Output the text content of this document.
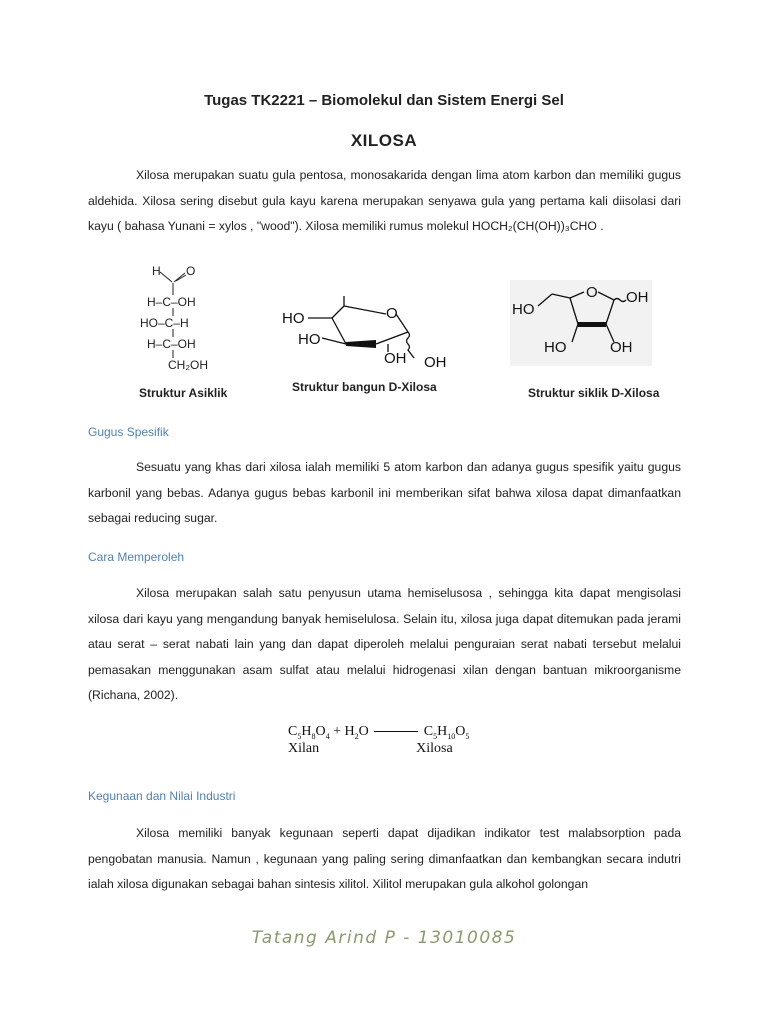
Tugas TK2221 – Biomolekul dan Sistem Energi Sel
XILOSA
Xilosa merupakan suatu gula pentosa, monosakarida dengan lima atom karbon dan memiliki gugus aldehida. Xilosa sering disebut gula kayu karena merupakan senyawa gula yang pertama kali diisolasi dari kayu ( bahasa Yunani = xylos , "wood"). Xilosa memiliki rumus molekul HOCH₂(CH(OH))₃CHO .
H O
H–C–OH
HO–C–H
H–C–OH
CH₂OH
Struktur Asiklik
HO
HO
O
OH OH
Struktur bangun D-Xilosa
HO
O OH
HO	OH
Struktur siklik D-Xilosa
Gugus Spesifik
Sesuatu yang khas dari xilosa ialah memiliki 5 atom karbon dan adanya gugus spesifik yaitu gugus karbonil yang bebas. Adanya gugus bebas karbonil ini memberikan sifat bahwa xilosa dapat dimanfaatkan sebagai reducing sugar.
Cara Memperoleh
Xilosa merupakan salah satu penyusun utama hemiselusosa , sehingga kita dapat mengisolasi xilosa dari kayu yang mengandung banyak hemiselulosa. Selain itu, xilosa juga dapat ditemukan pada jerami atau serat – serat nabati lain yang dan dapat diperoleh melalui penguraian serat nabati tersebut melalui pemasakan menggunakan asam sulfat atau melalui hidrogenasi xilan dengan bantuan mikroorganisme (Richana, 2002).
$C_5H_8O_4 + H_2O$	$C_5H_{10}O_5$
Xilan	Xilosa
Kegunaan dan Nilai Industri
Xilosa memiliki banyak kegunaan seperti dapat dijadikan indikator test malabsorption pada pengobatan manusia. Namun , kegunaan yang paling sering dimanfaatkan dan kembangkan secara indutri ialah xilosa digunakan sebagai bahan sintesis xilitol. Xilitol merupakan gula alkohol golongan
Tatang Arind P - 13010085
